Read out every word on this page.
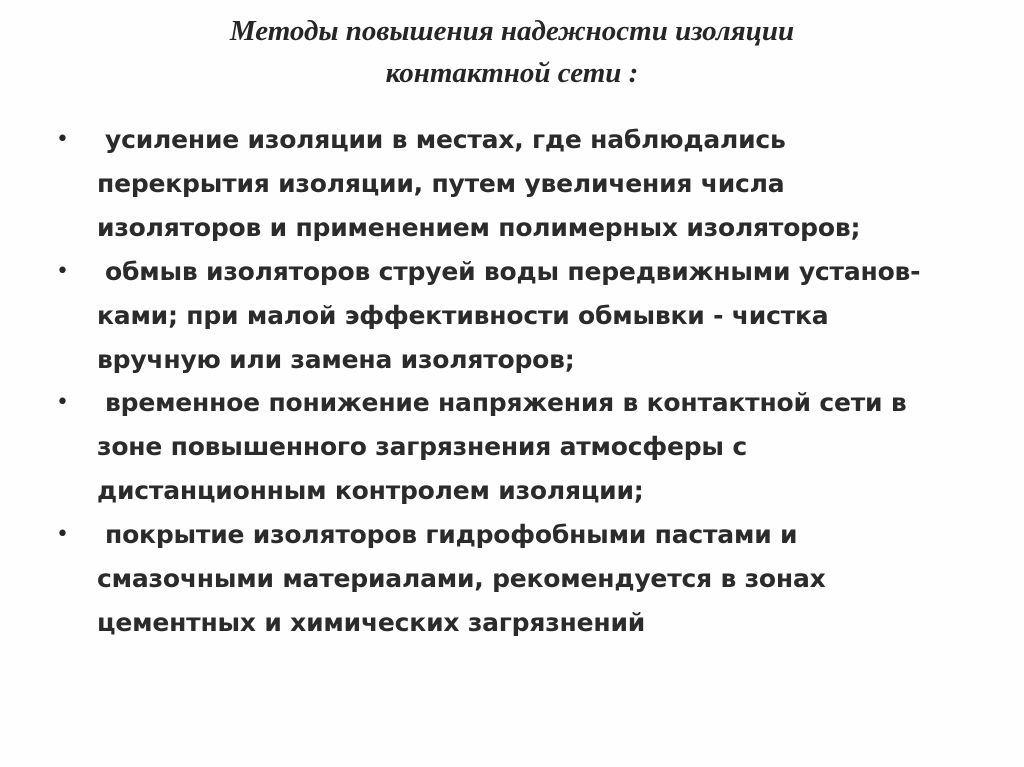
Методы повышения надежности изоляции
контактной сети :
•	усиление изоляции в местах, где наблюдались
перекрытия изоляции, путем увеличения числа
изоляторов и применением полимерных изоляторов;
•	обмыв изоляторов струей воды передвижными установ-
ками; при малой эффективности обмывки - чистка
вручную или замена изоляторов;
•	временное понижение напряжения в контактной сети в
зоне повышенного загрязнения атмосферы с
дистанционным контролем изоляции;
•	покрытие изоляторов гидрофобными пастами и
смазочными материалами, рекомендуется в зонах
цементных и химических загрязнений
